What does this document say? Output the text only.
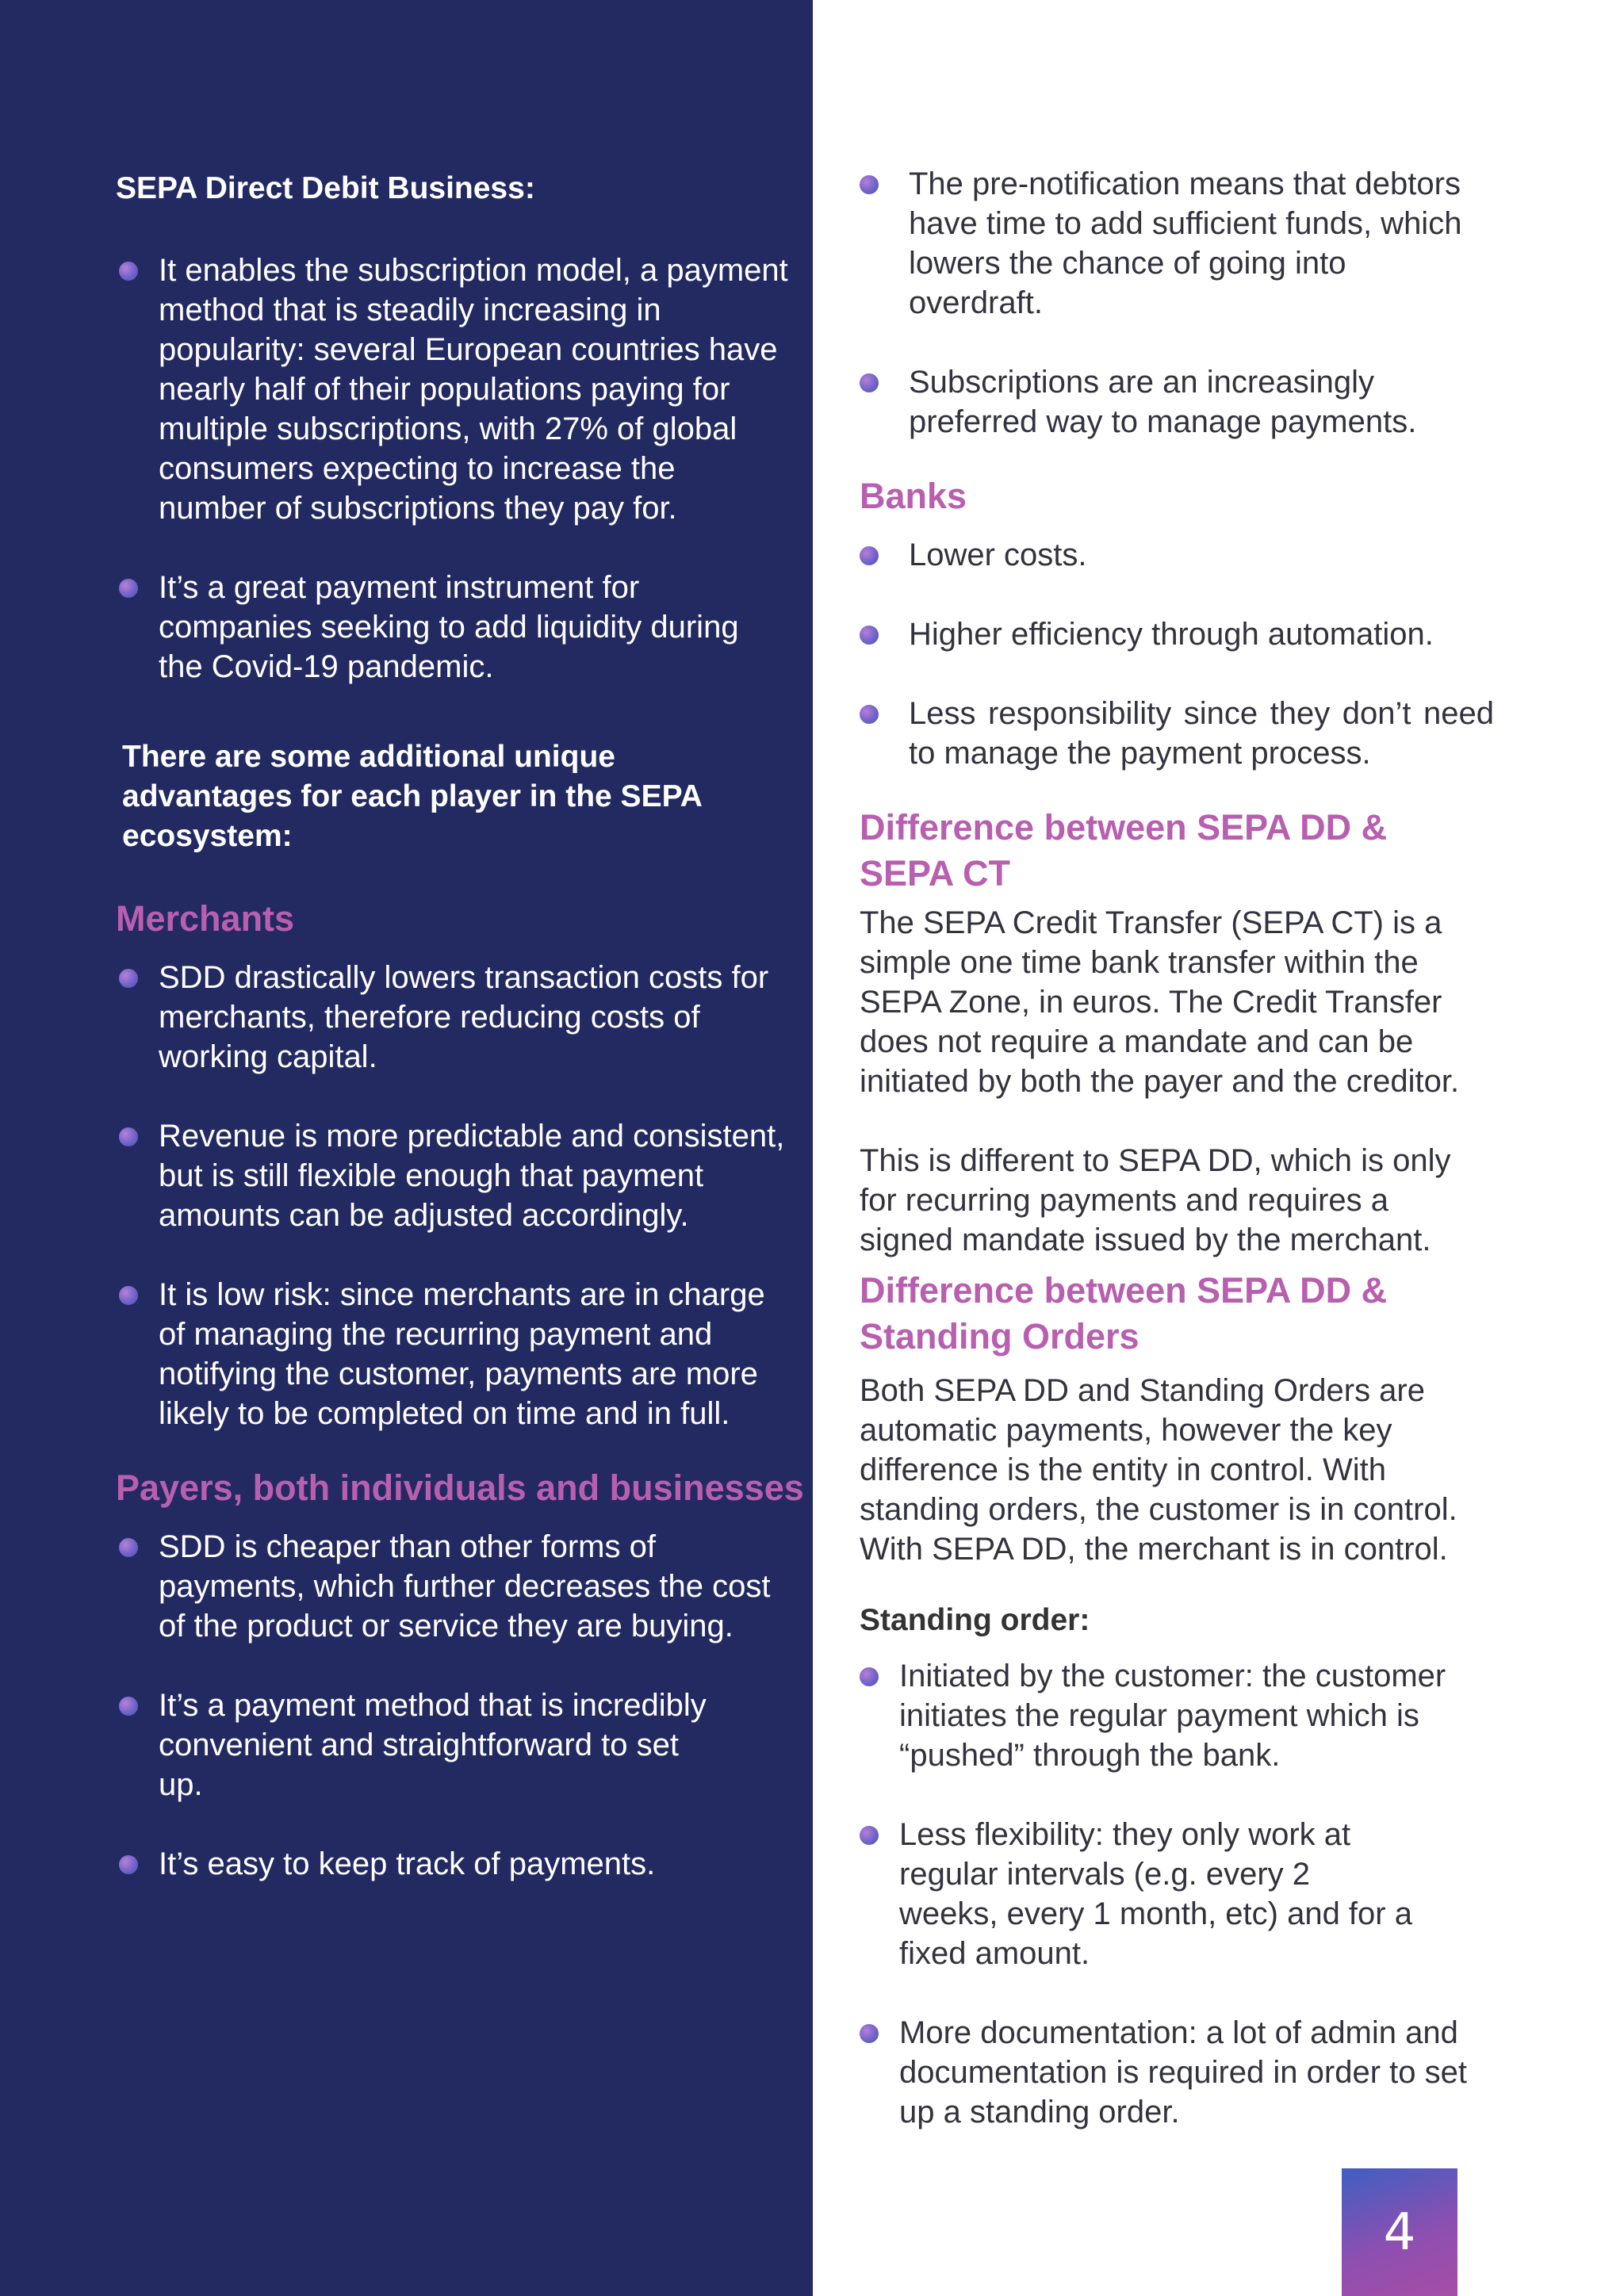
SEPA Direct Debit Business:
It enables the subscription model, a payment method that is steadily increasing in popularity: several European countries have nearly half of their populations paying for multiple subscriptions, with 27% of global consumers expecting to increase the number of subscriptions they pay for.
It’s a great payment instrument for companies seeking to add liquidity during the Covid-19 pandemic.
There are some additional unique advantages for each player in the SEPA ecosystem:
Merchants
SDD drastically lowers transaction costs for merchants, therefore reducing costs of working capital.
Revenue is more predictable and consistent, but is still flexible enough that payment amounts can be adjusted accordingly.
It is low risk: since merchants are in charge of managing the recurring payment and notifying the customer, payments are more likely to be completed on time and in full.
Payers, both individuals and businesses
SDD is cheaper than other forms of payments, which further decreases the cost of the product or service they are buying.
It’s a payment method that is incredibly convenient and straightforward to set up.
It’s easy to keep track of payments.
The pre-notification means that debtors have time to add sufficient funds, which lowers the chance of going into overdraft.
Subscriptions are an increasingly preferred way to manage payments.
Banks
Lower costs.
Higher efficiency through automation.
Less responsibility since they don’t need to manage the payment process.
Difference between SEPA DD & SEPA CT
The SEPA Credit Transfer (SEPA CT) is a simple one time bank transfer within the SEPA Zone, in euros. The Credit Transfer does not require a mandate and can be initiated by both the payer and the creditor.
This is different to SEPA DD, which is only for recurring payments and requires a signed mandate issued by the merchant.
Difference between SEPA DD & Standing Orders
Both SEPA DD and Standing Orders are automatic payments, however the key difference is the entity in control. With standing orders, the customer is in control. With SEPA DD, the merchant is in control.
Standing order:
Initiated by the customer: the customer initiates the regular payment which is “pushed” through the bank.
Less flexibility: they only work at regular intervals (e.g. every 2 weeks, every 1 month, etc) and for a fixed amount.
More documentation: a lot of admin and documentation is required in order to set up a standing order.
4
